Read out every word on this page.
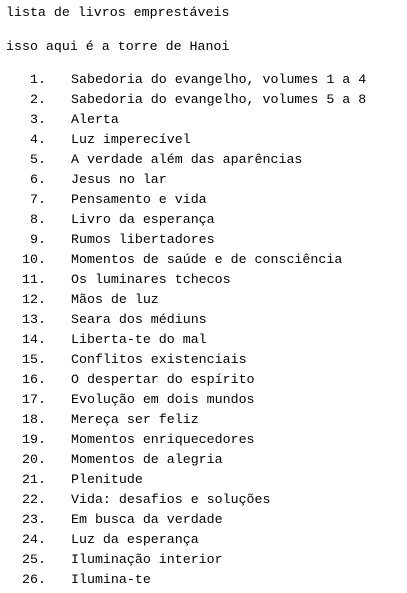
lista de livros emprestáveis
isso aqui é a torre de Hanoi
1. Sabedoria do evangelho, volumes 1 a 4
2. Sabedoria do evangelho, volumes 5 a 8
3. Alerta
4. Luz imperecível
5. A verdade além das aparências
6. Jesus no lar
7. Pensamento e vida
8. Livro da esperança
9. Rumos libertadores
10. Momentos de saúde e de consciência
11. Os luminares tchecos
12. Mãos de luz
13. Seara dos médiuns
14. Liberta-te do mal
15. Conflitos existenciais
16. O despertar do espírito
17. Evolução em dois mundos
18. Mereça ser feliz
19. Momentos enriquecedores
20. Momentos de alegria
21. Plenitude
22. Vida: desafios e soluções
23. Em busca da verdade
24. Luz da esperança
25. Iluminação interior
26. Ilumina-te
